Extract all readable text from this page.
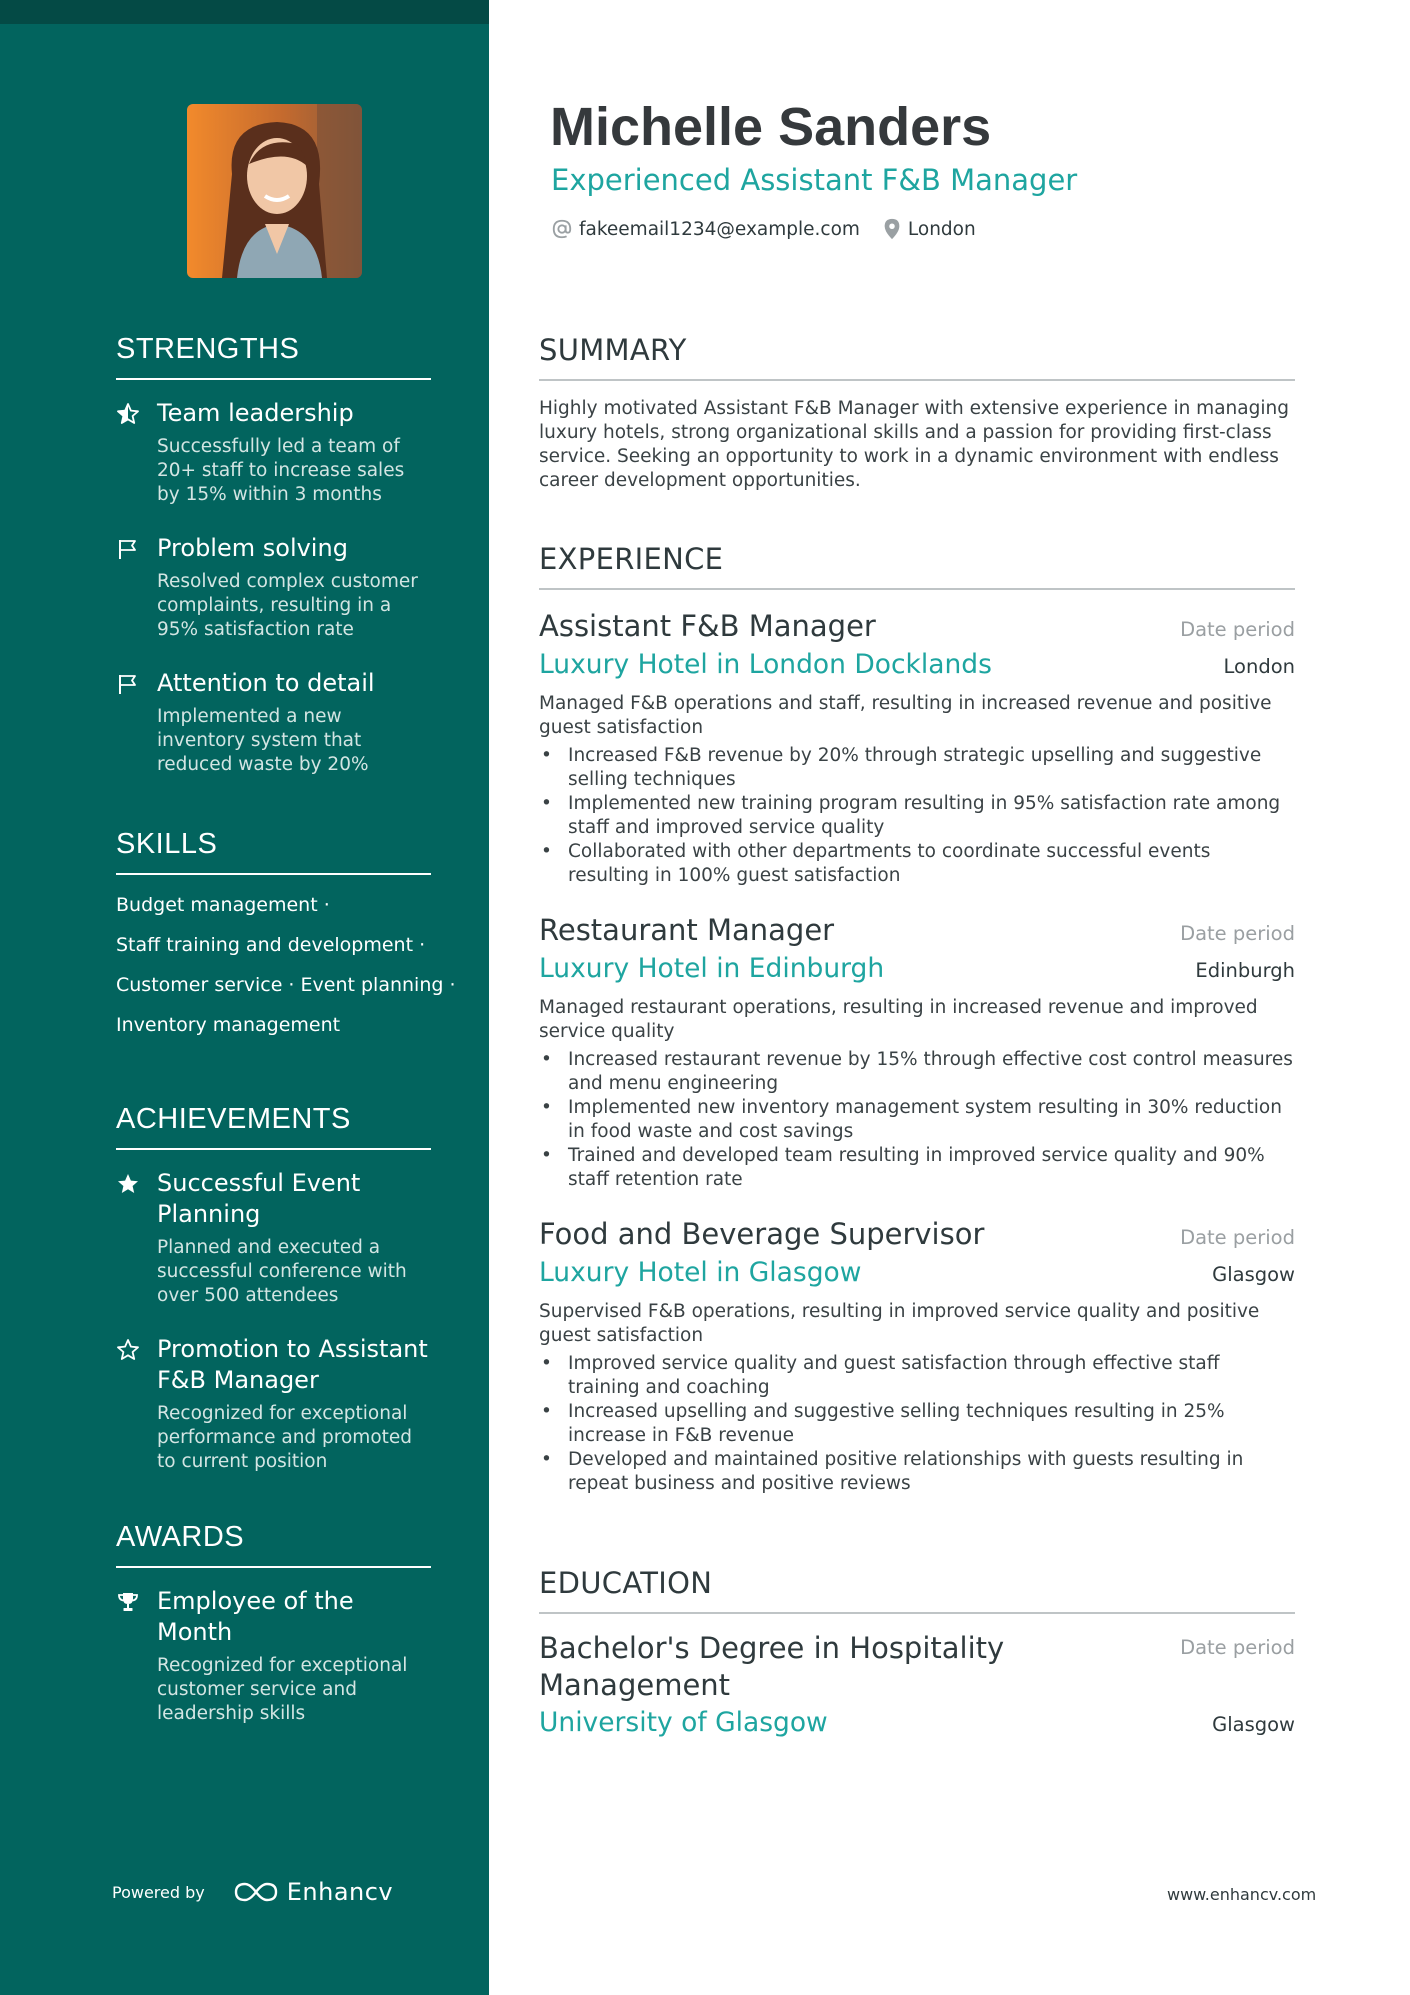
STRENGTHS
Team leadership
Successfully led a team of 20+ staff to increase sales by 15% within 3 months
Problem solving
Resolved complex customer complaints, resulting in a 95% satisfaction rate
Attention to detail
Implemented a new inventory system that reduced waste by 20%
SKILLS
Budget management ·
Staff training and development ·
Customer service · Event planning ·
Inventory management
ACHIEVEMENTS
Successful Event Planning
Planned and executed a successful conference with over 500 attendees
Promotion to Assistant F&B Manager
Recognized for exceptional performance and promoted to current position
AWARDS
Employee of the Month
Recognized for exceptional customer service and leadership skills
Powered by	Enhancv
Michelle Sanders
Experienced Assistant F&B Manager
fakeemail1234@example.com	London
SUMMARY
Highly motivated Assistant F&B Manager with extensive experience in managing luxury hotels, strong organizational skills and a passion for providing first-class service. Seeking an opportunity to work in a dynamic environment with endless career development opportunities.
EXPERIENCE
Assistant F&B Manager	Date period
Luxury Hotel in London Docklands	London
Managed F&B operations and staff, resulting in increased revenue and positive guest satisfaction
• Increased F&B revenue by 20% through strategic upselling and suggestive selling techniques
• Implemented new training program resulting in 95% satisfaction rate among staff and improved service quality
• Collaborated with other departments to coordinate successful events resulting in 100% guest satisfaction
Restaurant Manager	Date period
Luxury Hotel in Edinburgh	Edinburgh
Managed restaurant operations, resulting in increased revenue and improved service quality
• Increased restaurant revenue by 15% through effective cost control measures and menu engineering
• Implemented new inventory management system resulting in 30% reduction in food waste and cost savings
• Trained and developed team resulting in improved service quality and 90% staff retention rate
Food and Beverage Supervisor	Date period
Luxury Hotel in Glasgow	Glasgow
Supervised F&B operations, resulting in improved service quality and positive guest satisfaction
• Improved service quality and guest satisfaction through effective staff training and coaching
• Increased upselling and suggestive selling techniques resulting in 25% increase in F&B revenue
• Developed and maintained positive relationships with guests resulting in repeat business and positive reviews
EDUCATION
Bachelor's Degree in Hospitality Management
Date period
University of Glasgow	Glasgow
www.enhancv.com
